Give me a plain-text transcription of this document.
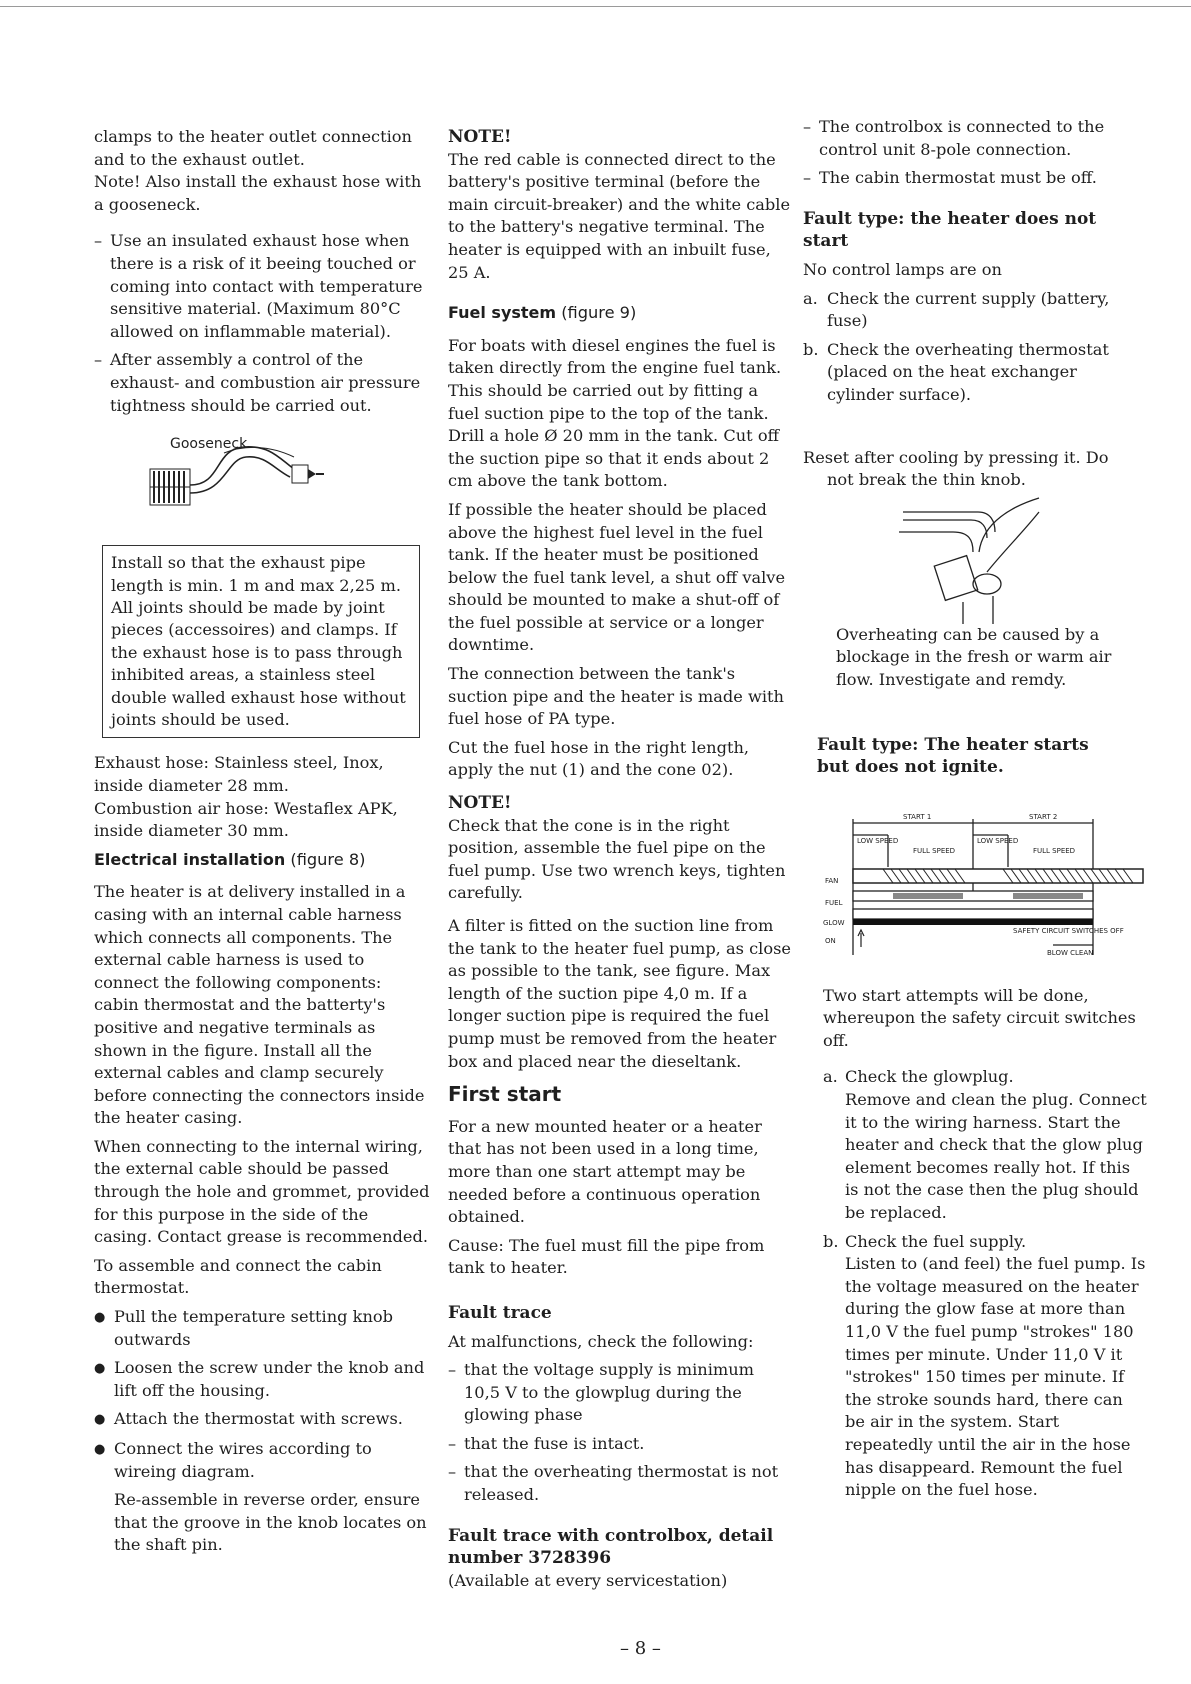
clamps to the heater outlet connection and to the exhaust outlet.

Note! Also install the exhaust hose with a gooseneck.

– Use an insulated exhaust hose when there is a risk of it beeing touched or coming into contact with temperature sensitive material. (Maximum 80°C allowed on inflammable material).
– After assembly a control of the exhaust- and combustion air pressure tightness should be carried out.
Gooseneck

Install so that the exhaust pipe length is min. 1 m and max 2,25 m. All joints should be made by joint pieces (accessoires) and clamps. If the exhaust hose is to pass through inhibited areas, a stainless steel double walled exhaust hose without joints should be used.

Exhaust hose: Stainless steel, Inox, inside diameter 28 mm.

Combustion air hose: Westaflex APK, inside diameter 30 mm.

Electrical installation (figure 8)

The heater is at delivery installed in a casing with an internal cable harness which connects all components. The external cable harness is used to connect the following components:

cabin thermostat and the batterty's positive and negative terminals as shown in the figure. Install all the external cables and clamp securely before connecting the connectors inside the heater casing.

When connecting to the internal wiring, the external cable should be passed through the hole and grommet, provided for this purpose in the side of the casing. Contact grease is recommended.

To assemble and connect the cabin thermostat.

● Pull the temperature setting knob outwards
● Loosen the screw under the knob and lift off the housing.
● Attach the thermostat with screws.
● Connect the wires according to wireing diagram.

Re-assemble in reverse order, ensure that the groove in the knob locates on the shaft pin.

NOTE!

The red cable is connected direct to the battery's positive terminal (before the main circuit-breaker) and the white cable to the battery's negative terminal. The heater is equipped with an inbuilt fuse, 25 A.

Fuel system (figure 9)

For boats with diesel engines the fuel is taken directly from the engine fuel tank. This should be carried out by fitting a fuel suction pipe to the top of the tank. Drill a hole Ø 20 mm in the tank. Cut off the suction pipe so that it ends about 2 cm above the tank bottom.

If possible the heater should be placed above the highest fuel level in the fuel tank. If the heater must be positioned below the fuel tank level, a shut off valve should be mounted to make a shut-off of the fuel possible at service or a longer downtime.

The connection between the tank's suction pipe and the heater is made with fuel hose of PA type.

Cut the fuel hose in the right length, apply the nut (1) and the cone 02).

NOTE!

Check that the cone is in the right position, assemble the fuel pipe on the fuel pump. Use two wrench keys, tighten carefully.

A filter is fitted on the suction line from the tank to the heater fuel pump, as close as possible to the tank, see figure. Max length of the suction pipe 4,0 m. If a longer suction pipe is required the fuel pump must be removed from the heater box and placed near the dieseltank.

First start

For a new mounted heater or a heater that has not been used in a long time, more than one start attempt may be needed before a continuous operation obtained.

Cause: The fuel must fill the pipe from tank to heater.

Fault trace

At malfunctions, check the following:

– that the voltage supply is minimum 10,5 V to the glowplug during the glowing phase
– that the fuse is intact.
– that the overheating thermostat is not released.

Fault trace with controlbox, detail number 3728396

(Available at every servicestation)

– The controlbox is connected to the control unit 8-pole connection.
– The cabin thermostat must be off.

Fault type: the heater does not start

No control lamps are on

a. Check the current supply (battery, fuse)
b. Check the overheating thermostat (placed on the heat exchanger cylinder surface).

Reset after cooling by pressing it. Do not break the thin knob.

Overheating can be caused by a blockage in the fresh or warm air flow. Investigate and remdy.

Fault type: The heater starts but does not ignite.

START 1	START 2
LOW SPEED	LOW SPEED
FULL SPEED	FULL SPEED
FAN
FUEL
GLOW
ON
SAFETY CIRCUIT SWITCHES OFF
BLOW CLEAN

Two start attempts will be done, whereupon the safety circuit switches off.

a. Check the glowplug.
Remove and clean the plug. Connect it to the wiring harness. Start the heater and check that the glow plug element becomes really hot. If this is not the case then the plug should be replaced.
b. Check the fuel supply.
Listen to (and feel) the fuel pump. Is the voltage measured on the heater during the glow fase at more than 11,0 V the fuel pump "strokes" 180 times per minute. Under 11,0 V it "strokes" 150 times per minute. If the stroke sounds hard, there can be air in the system. Start repeatedly until the air in the hose has disappeard. Remount the fuel nipple on the fuel hose.
– 8 –
